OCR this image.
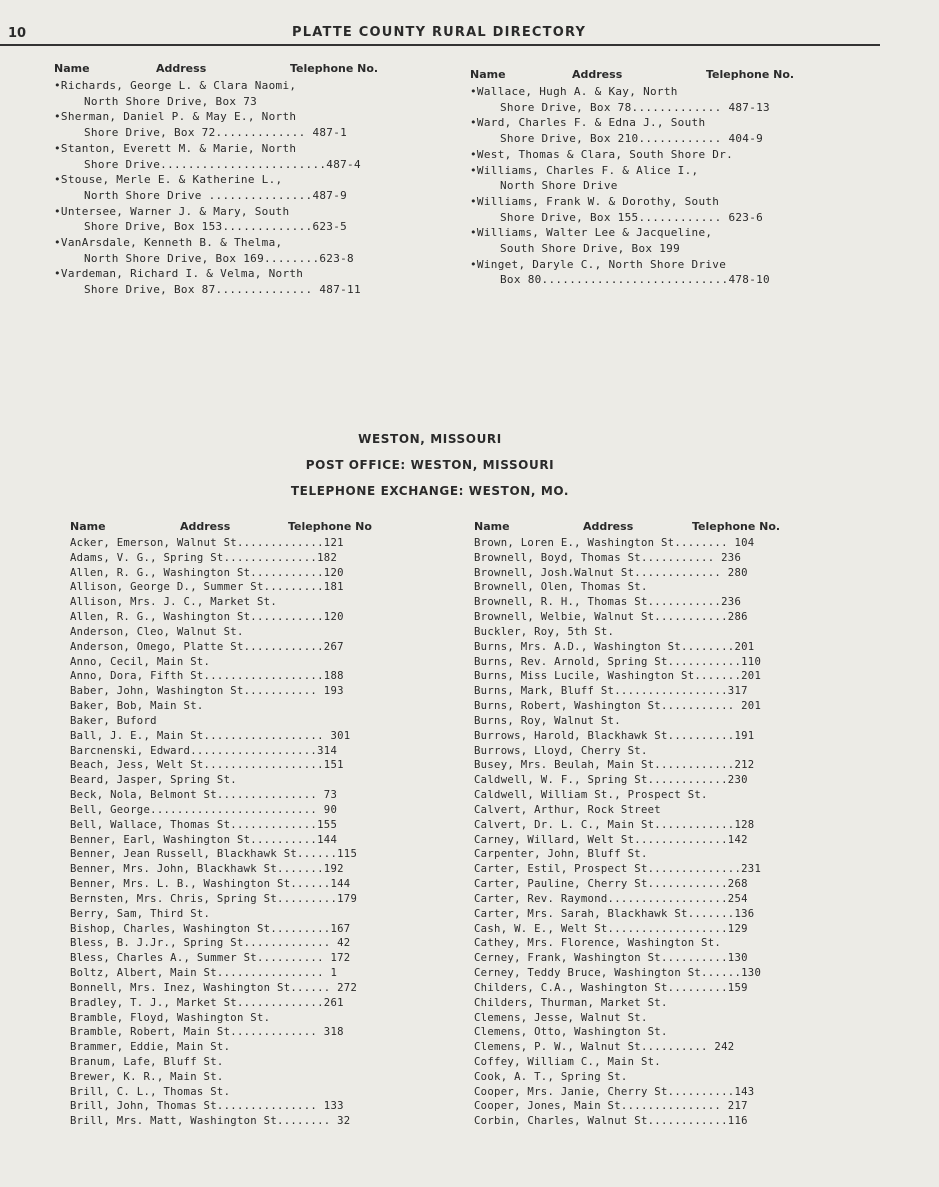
10	PLATTE COUNTY RURAL DIRECTORY
Name	Address	Telephone No.
•Richards, George L. & Clara Naomi,
North Shore Drive, Box 73
•Sherman, Daniel P. & May E., North
Shore Drive, Box 72............. 487-1
•Stanton, Everett M. & Marie, North
Shore Drive........................487-4
•Stouse, Merle E. & Katherine L.,
North Shore Drive ...............487-9
•Untersee, Warner J. & Mary, South
Shore Drive, Box 153.............623-5
•VanArsdale, Kenneth B. & Thelma,
North Shore Drive, Box 169........623-8
•Vardeman, Richard I. & Velma, North
Shore Drive, Box 87.............. 487-11
Name	Address	Telephone No.
•Wallace, Hugh A. & Kay, North
Shore Drive, Box 78............. 487-13
•Ward, Charles F. & Edna J., South
Shore Drive, Box 210............ 404-9
•West, Thomas & Clara, South Shore Dr.
•Williams, Charles F. & Alice I.,
North Shore Drive
•Williams, Frank W. & Dorothy, South
Shore Drive, Box 155............ 623-6
•Williams, Walter Lee & Jacqueline,
South Shore Drive, Box 199
•Winget, Daryle C., North Shore Drive
Box 80...........................478-10
WESTON, MISSOURI
POST OFFICE: WESTON, MISSOURI
TELEPHONE EXCHANGE: WESTON, MO.
Name	Address	Telephone No
Acker, Emerson, Walnut St.............121
Adams, V. G., Spring St..............182
Allen, R. G., Washington St...........120
Allison, George D., Summer St.........181
Allison, Mrs. J. C., Market St.
Allen, R. G., Washington St...........120
Anderson, Cleo, Walnut St.
Anderson, Omego, Platte St............267
Anno, Cecil, Main St.
Anno, Dora, Fifth St..................188
Baber, John, Washington St........... 193
Baker, Bob, Main St.
Baker, Buford
Ball, J. E., Main St.................. 301
Barcnenski, Edward...................314
Beach, Jess, Welt St..................151
Beard, Jasper, Spring St.
Beck, Nola, Belmont St............... 73
Bell, George......................... 90
Bell, Wallace, Thomas St.............155
Benner, Earl, Washington St..........144
Benner, Jean Russell, Blackhawk St......115
Benner, Mrs. John, Blackhawk St.......192
Benner, Mrs. L. B., Washington St......144
Bernsten, Mrs. Chris, Spring St.........179
Berry, Sam, Third St.
Bishop, Charles, Washington St.........167
Bless, B. J.Jr., Spring St............. 42
Bless, Charles A., Summer St.......... 172
Boltz, Albert, Main St................ 1
Bonnell, Mrs. Inez, Washington St...... 272
Bradley, T. J., Market St.............261
Bramble, Floyd, Washington St.
Bramble, Robert, Main St............. 318
Brammer, Eddie, Main St.
Branum, Lafe, Bluff St.
Brewer, K. R., Main St.
Brill, C. L., Thomas St.
Brill, John, Thomas St............... 133
Brill, Mrs. Matt, Washington St........ 32
Name	Address	Telephone No.
Brown, Loren E., Washington St........ 104
Brownell, Boyd, Thomas St........... 236
Brownell, Josh.Walnut St............. 280
Brownell, Olen, Thomas St.
Brownell, R. H., Thomas St...........236
Brownell, Welbie, Walnut St...........286
Buckler, Roy, 5th St.
Burns, Mrs. A.D., Washington St........201
Burns, Rev. Arnold, Spring St...........110
Burns, Miss Lucile, Washington St.......201
Burns, Mark, Bluff St.................317
Burns, Robert, Washington St........... 201
Burns, Roy, Walnut St.
Burrows, Harold, Blackhawk St..........191
Burrows, Lloyd, Cherry St.
Busey, Mrs. Beulah, Main St............212
Caldwell, W. F., Spring St............230
Caldwell, William St., Prospect St.
Calvert, Arthur, Rock Street
Calvert, Dr. L. C., Main St............128
Carney, Willard, Welt St..............142
Carpenter, John, Bluff St.
Carter, Estil, Prospect St..............231
Carter, Pauline, Cherry St............268
Carter, Rev. Raymond..................254
Carter, Mrs. Sarah, Blackhawk St.......136
Cash, W. E., Welt St..................129
Cathey, Mrs. Florence, Washington St.
Cerney, Frank, Washington St..........130
Cerney, Teddy Bruce, Washington St......130
Childers, C.A., Washington St.........159
Childers, Thurman, Market St.
Clemens, Jesse, Walnut St.
Clemens, Otto, Washington St.
Clemens, P. W., Walnut St.......... 242
Coffey, William C., Main St.
Cook, A. T., Spring St.
Cooper, Mrs. Janie, Cherry St..........143
Cooper, Jones, Main St............... 217
Corbin, Charles, Walnut St............116
